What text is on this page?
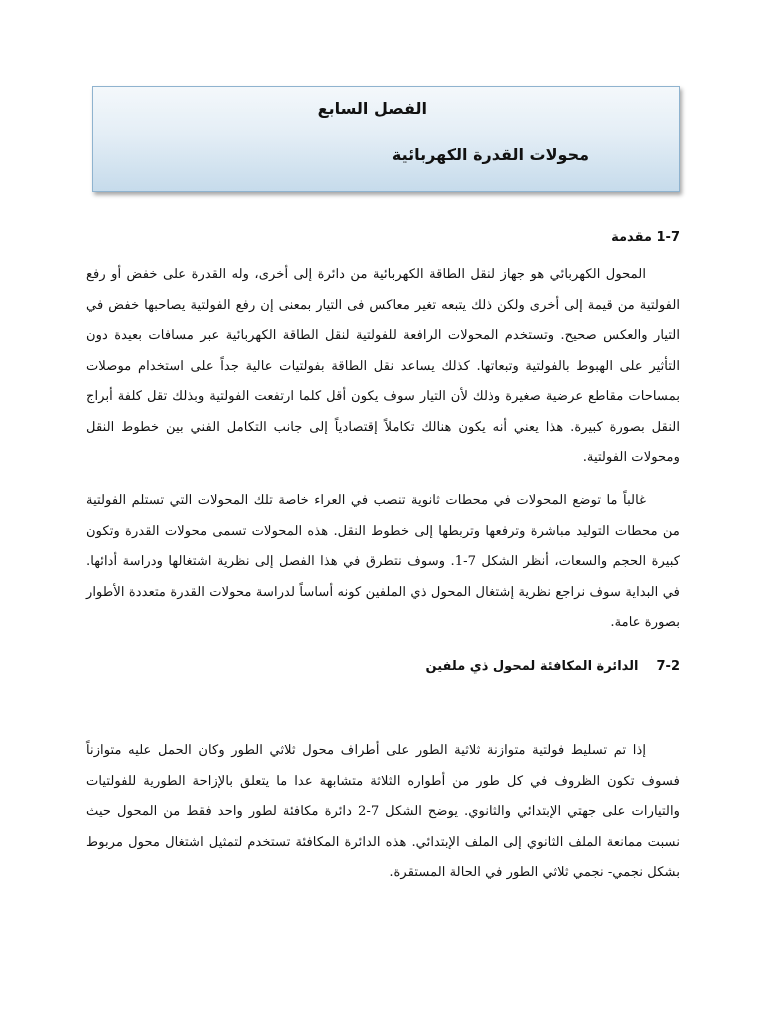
الفصل السابع
محولات القدرة الكهربائية
1-7 مقدمة

المحول الكهربائي هو جهاز لنقل الطاقة الكهربائية من دائرة إلى أخرى، وله القدرة على خفض أو رفع الفولتية من قيمة إلى أخرى ولكن ذلك يتبعه تغير معاكس فى التيار بمعنى إن رفع الفولتية يصاحبها خفض في التيار والعكس صحيح. وتستخدم المحولات الرافعة للفولتية لنقل الطاقة الكهربائية عبر مسافات بعيدة دون التأثير على الهبوط بالفولتية وتبعاتها. كذلك يساعد نقل الطاقة بفولتيات عالية جداً على استخدام موصلات بمساحات مقاطع عرضية صغيرة وذلك لأن التيار سوف يكون أقل كلما ارتفعت الفولتية وبذلك تقل كلفة أبراج النقل بصورة كبيرة. هذا يعني أنه يكون هنالك تكاملاً إقتصادياً إلى جانب التكامل الفني بين خطوط النقل ومحولات الفولتية.

غالباً ما توضع المحولات في محطات ثانوية تنصب في العراء خاصة تلك المحولات التي تستلم الفولتية من محطات التوليد مباشرة وترفعها وتربطها إلى خطوط النقل. هذه المحولات تسمى محولات القدرة وتكون كبيرة الحجم والسعات، أنظر الشكل 7-1. وسوف نتطرق في هذا الفصل إلى نظرية اشتغالها ودراسة أدائها. في البداية سوف نراجع نظرية إشتغال المحول ذي الملفين كونه أساساً لدراسة محولات القدرة متعددة الأطوار بصورة عامة.

7-2الدائرة المكافئة لمحول ذي ملفين

إذا تم تسليط فولتية متوازنة ثلاثية الطور على أطراف محول ثلاثي الطور وكان الحمل عليه متوازناً فسوف تكون الظروف في كل طور من أطواره الثلاثة متشابهة عدا ما يتعلق بالإزاحة الطورية للفولتيات والتيارات على جهتي الإبتدائي والثانوي. يوضح الشكل 7-2 دائرة مكافئة لطور واحد فقط من المحول حيث نسبت ممانعة الملف الثانوي إلى الملف الإبتدائي. هذه الدائرة المكافئة تستخدم لتمثيل اشتغال محول مربوط بشكل نجمي- نجمي ثلاثي الطور في الحالة المستقرة.
